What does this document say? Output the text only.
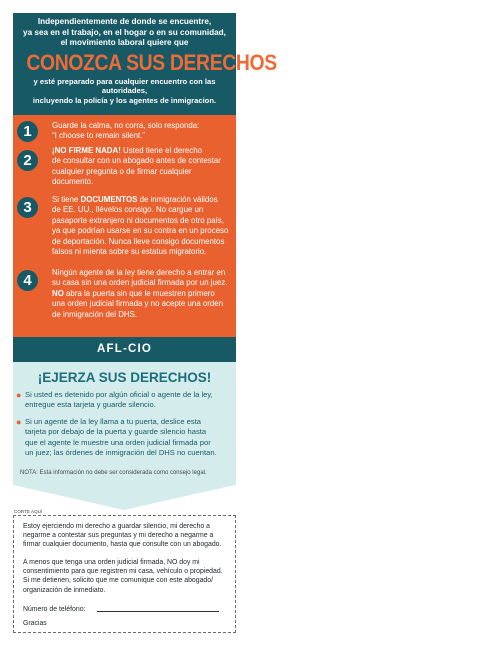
Independientemente de donde se encuentre,
ya sea en el trabajo, en el hogar o en su comunidad,
el movimiento laboral quiere que
CONOZCA SUS DERECHOS
y esté preparado para cualquier encuentro con las autoridades,
incluyendo la policía y los agentes de inmigracion.
1	Guarde la calma, no corra, solo responda:
“I choose to remain silent.”
2
¡NO FIRME NADA! Usted tiene el derecho
de consultar con un abogado antes de contestar
cualquier pregunta o de firmar cualquier
documento.
3	Si tiene DOCUMENTOS de inmigración válidos
de EE. UU., llévelos consigo. No cargue un
pasaporte extranjero ni documentos de otro país,
ya que podrían usarse en su contra en un proceso
de deportación. Nunca lleve consigo documentos
falsos ni mienta sobre su estatus migratorio.
4	Ningún agente de la ley tiene derecho a entrar en
su casa sin una orden judicial firmada por un juez.
NO abra la puerta sin que le muestren primero
una orden judicial firmada y no acepte una orden
de inmigración del DHS.
AFL-CIO
¡EJERZA SUS DERECHOS!
● Si usted es detenido por algún oficial o agente de la ley,
entregue esta tarjeta y guarde silencio.
● Si un agente de la ley llama a tu puerta, deslice esta
tarjeta por debajo de la puerta y guarde silencio hasta
que el agente le muestre una orden judicial firmada por
un juez; las órdenes de inmigración del DHS no cuentan.
NOTA: Esta información no debe ser considerada como consejo legal.
CORTE AQUÍ
Estoy ejerciendo mi derecho a guardar silencio, mi derecho a
negarme a contestar sus preguntas y mi derecho a negarme a
firmar cualquier documento, hasta que consulte con un abogado.
A menos que tenga una orden judicial firmada, NO doy mi
consentimiento para que registren mi casa, vehículo o propiedad.
Si me detienen, solicito que me comunique con este abogado/
organización de inmediato.
Número de teléfono:
Gracias
